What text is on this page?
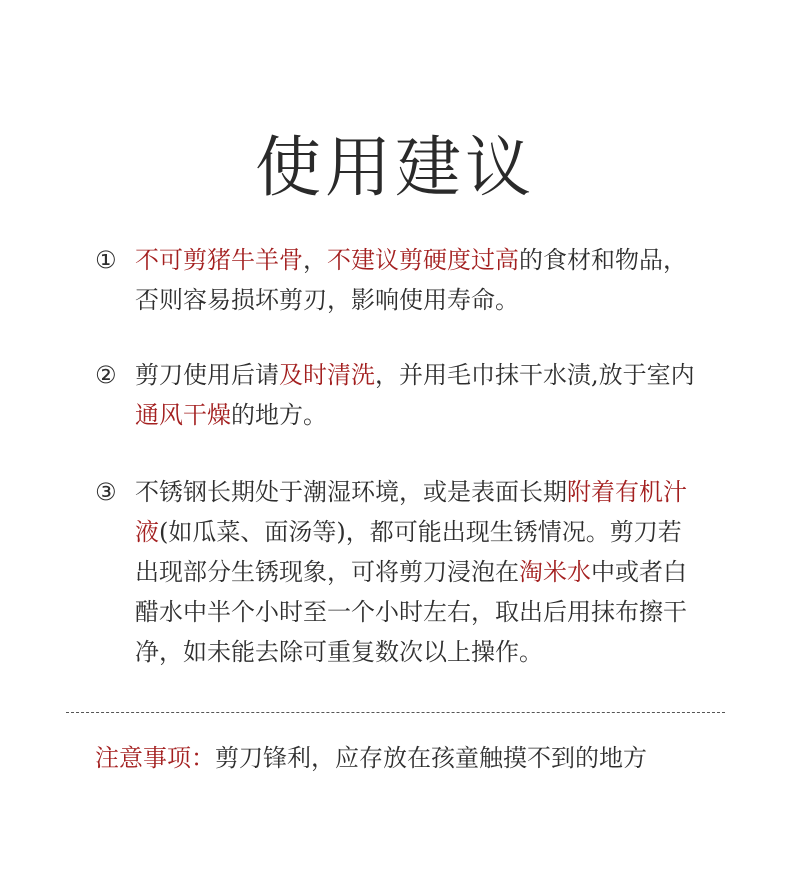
使用建议
① 不可剪猪牛羊骨，不建议剪硬度过高的食材和物品，否则容易损坏剪刃，影响使用寿命。
② 剪刀使用后请及时清洗，并用毛巾抹干水渍,放于室内通风干燥的地方。
③ 不锈钢长期处于潮湿环境，或是表面长期附着有机汁液(如瓜菜、面汤等)，都可能出现生锈情况。剪刀若出现部分生锈现象，可将剪刀浸泡在淘米水中或者白醋水中半个小时至一个小时左右，取出后用抹布擦干净，如未能去除可重复数次以上操作。
注意事项：剪刀锋利，应存放在孩童触摸不到的地方
